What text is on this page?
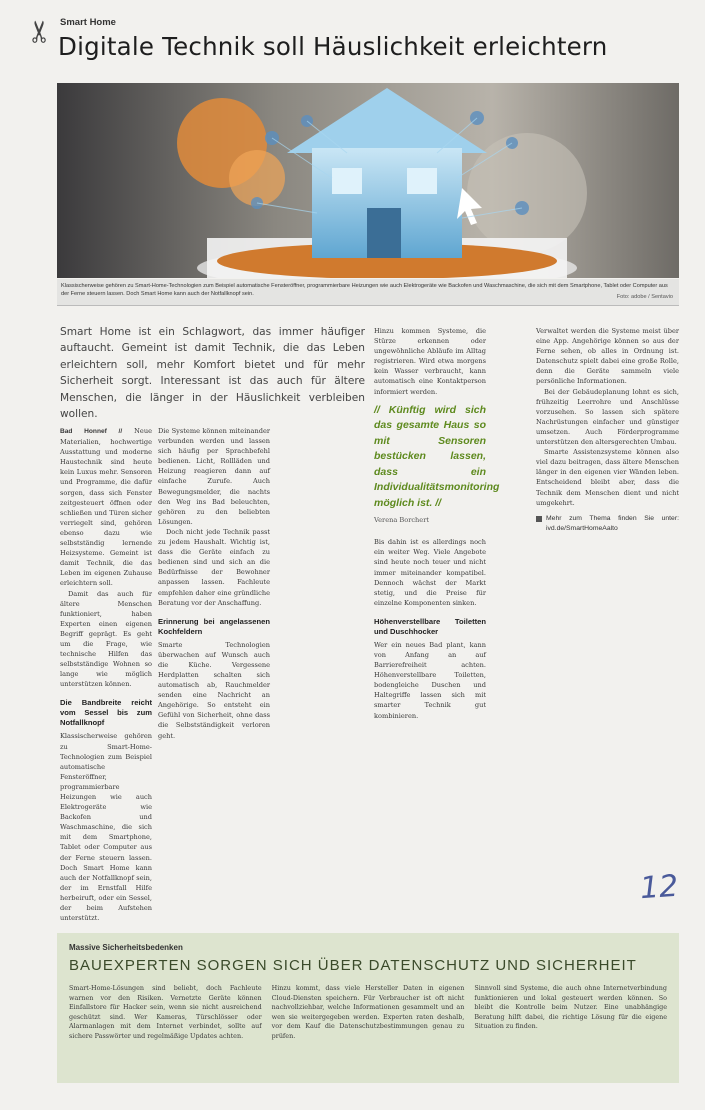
✂ Smart Home
Digitale Technik soll Häuslichkeit erleichtern
Klassischerweise gehören zu Smart-Home-Technologien zum Beispiel automatische Fensteröffner, programmierbare Heizungen wie auch Elektrogeräte wie Backofen und Waschmaschine, die sich mit dem Smartphone, Tablet oder Computer aus der Ferne steuern lassen. Doch Smart Home kann auch der Notfallknopf sein.	Foto: adobe / Sentavio

Smart Home ist ein Schlagwort, das immer häufiger auftaucht. Gemeint ist damit Technik, die das Leben erleichtern soll, mehr Komfort bietet und für mehr Sicherheit sorgt. Interessant ist das auch für ältere Menschen, die länger in der Häuslichkeit verbleiben wollen.

Bad Honnef // Neue Materialien, hochwertige Ausstattung und moderne Haustechnik sind heute kein Luxus mehr. Sensoren und Programme, die dafür sorgen, dass sich Fenster zeitgesteuert öffnen oder schließen und Türen sicher verriegelt sind, gehören ebenso dazu wie selbstständig lernende Heizsysteme. Gemeint ist damit Technik, die das Leben im eigenen Zuhause erleichtern soll.

Damit das auch für ältere Menschen funktioniert, haben Experten einen eigenen Begriff geprägt. Es geht um die Frage, wie technische Hilfen das selbstständige Wohnen so lange wie möglich unterstützen können.

Die Bandbreite reicht vom Sessel bis zum Notfallknopf

Klassischerweise gehören zu Smart-Home-Technologien zum Beispiel automatische Fensteröffner, programmierbare Heizungen wie auch Elektrogeräte wie Backofen und Waschmaschine, die sich mit dem Smartphone, Tablet oder Computer aus der Ferne steuern lassen. Doch Smart Home kann auch der Notfallknopf sein, der im Ernstfall Hilfe herbeiruft, oder ein Sessel, der beim Aufstehen unterstützt.

Die Systeme können miteinander verbunden werden und lassen sich häufig per Sprachbefehl bedienen. Licht, Rollläden und Heizung reagieren dann auf einfache Zurufe. Auch Bewegungsmelder, die nachts den Weg ins Bad beleuchten, gehören zu den beliebten Lösungen.

Doch nicht jede Technik passt zu jedem Haushalt. Wichtig ist, dass die Geräte einfach zu bedienen sind und sich an die Bedürfnisse der Bewohner anpassen lassen. Fachleute empfehlen daher eine gründliche Beratung vor der Anschaffung.

Erinnerung bei angelassenen Kochfeldern

Smarte Technologien überwachen auf Wunsch auch die Küche. Vergessene Herdplatten schalten sich automatisch ab, Rauchmelder senden eine Nachricht an Angehörige. So entsteht ein Gefühl von Sicherheit, ohne dass die Selbstständigkeit verloren geht.

Hinzu kommen Systeme, die Stürze erkennen oder ungewöhnliche Abläufe im Alltag registrieren. Wird etwa morgens kein Wasser verbraucht, kann automatisch eine Kontaktperson informiert werden.

// Künftig wird sich das gesamte Haus so mit Sensoren bestücken lassen, dass ein Individualitätsmonitoring möglich ist. //
Verena Borchert

Bis dahin ist es allerdings noch ein weiter Weg. Viele Angebote sind heute noch teuer und nicht immer miteinander kompatibel. Dennoch wächst der Markt stetig, und die Preise für einzelne Komponenten sinken.

Höhenverstellbare Toiletten und Duschhocker

Wer ein neues Bad plant, kann von Anfang an auf Barrierefreiheit achten. Höhenverstellbare Toiletten, bodengleiche Duschen und Haltegriffe lassen sich mit smarter Technik gut kombinieren.

Verwaltet werden die Systeme meist über eine App. Angehörige können so aus der Ferne sehen, ob alles in Ordnung ist. Datenschutz spielt dabei eine große Rolle, denn die Geräte sammeln viele persönliche Informationen.

Bei der Gebäudeplanung lohnt es sich, frühzeitig Leerrohre und Anschlüsse vorzusehen. So lassen sich spätere Nachrüstungen einfacher und günstiger umsetzen. Auch Förderprogramme unterstützen den altersgerechten Umbau.

Smarte Assistenzsysteme können also viel dazu beitragen, dass ältere Menschen länger in den eigenen vier Wänden leben. Entscheidend bleibt aber, dass die Technik dem Menschen dient und nicht umgekehrt.

Mehr zum Thema finden Sie unter: ivd.de/SmartHomeAalto
12
Massive Sicherheitsbedenken
BAUEXPERTEN SORGEN SICH ÜBER DATENSCHUTZ UND SICHERHEIT

Smart-Home-Lösungen sind beliebt, doch Fachleute warnen vor den Risiken. Vernetzte Geräte können Einfallstore für Hacker sein, wenn sie nicht ausreichend geschützt sind. Wer Kameras, Türschlösser oder Alarmanlagen mit dem Internet verbindet, sollte auf sichere Passwörter und regelmäßige Updates achten.

Hinzu kommt, dass viele Hersteller Daten in eigenen Cloud-Diensten speichern. Für Verbraucher ist oft nicht nachvollziehbar, welche Informationen gesammelt und an wen sie weitergegeben werden. Experten raten deshalb, vor dem Kauf die Datenschutzbestimmungen genau zu prüfen.

Sinnvoll sind Systeme, die auch ohne Internetverbindung funktionieren und lokal gesteuert werden können. So bleibt die Kontrolle beim Nutzer. Eine unabhängige Beratung hilft dabei, die richtige Lösung für die eigene Situation zu finden.
